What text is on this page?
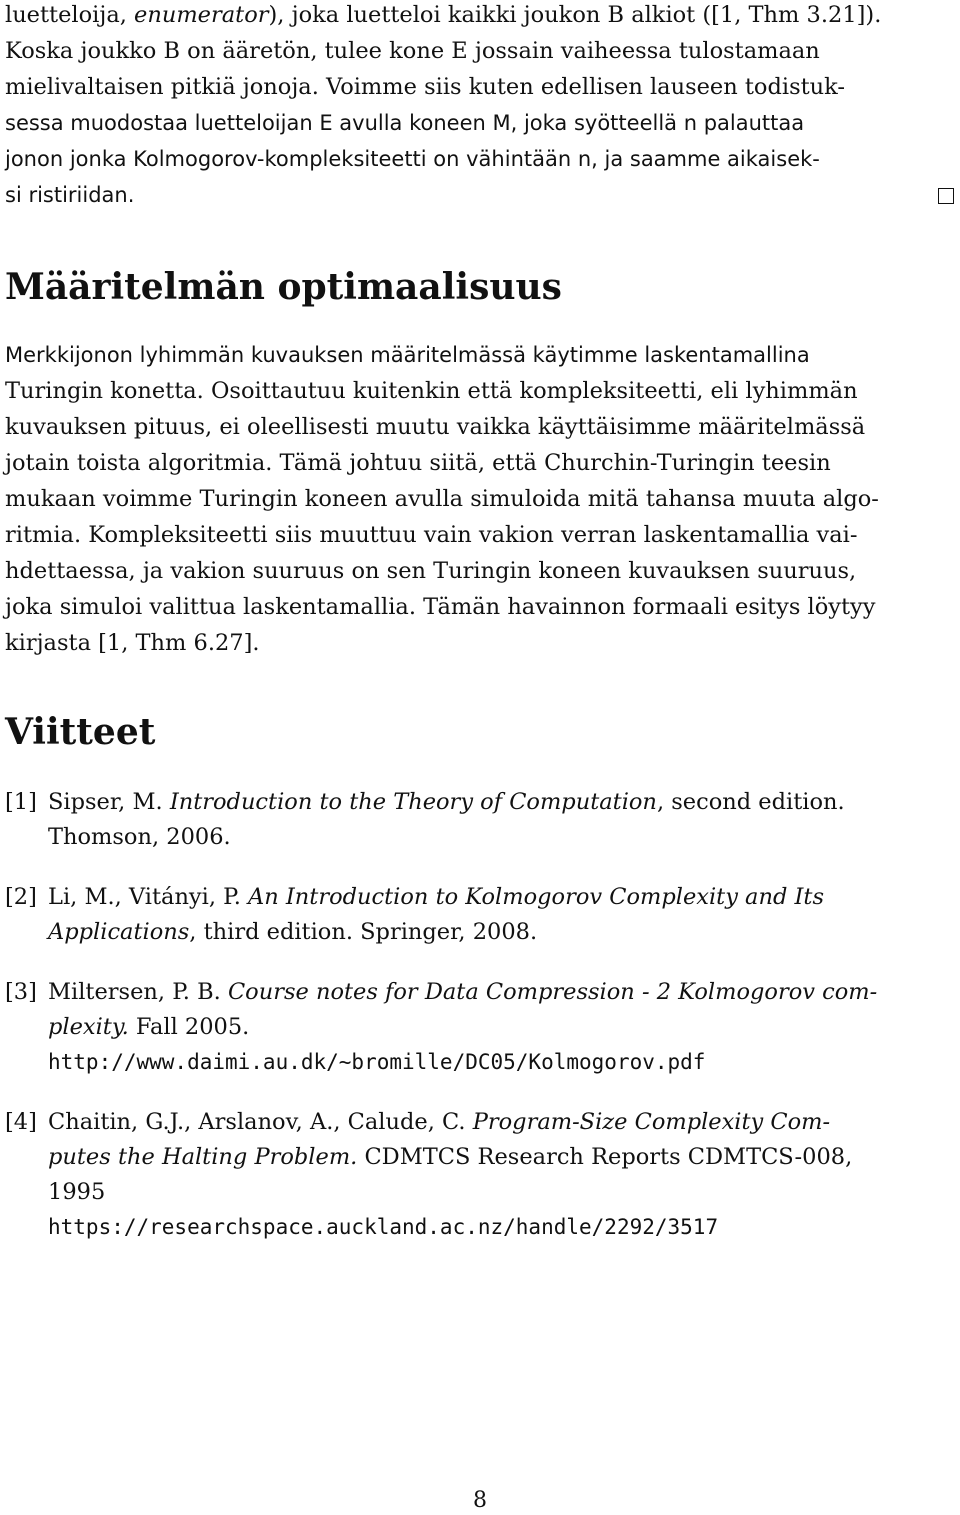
luetteloija, enumerator), joka luetteloi kaikki joukon B alkiot ([1, Thm 3.21]).
Koska joukko B on ääretön, tulee kone E jossain vaiheessa tulostamaan
mielivaltaisen pitkiä jonoja. Voimme siis kuten edellisen lauseen todistuk-
sessa muodostaa luetteloijan E avulla koneen M, joka syötteellä n palauttaa
jonon jonka Kolmogorov-kompleksiteetti on vähintään n, ja saamme aikaisek-
si ristiriidan.
Määritelmän optimaalisuus
Merkkijonon lyhimmän kuvauksen määritelmässä käytimme laskentamallina
Turingin konetta. Osoittautuu kuitenkin että kompleksiteetti, eli lyhimmän
kuvauksen pituus, ei oleellisesti muutu vaikka käyttäisimme määritelmässä
jotain toista algoritmia. Tämä johtuu siitä, että Churchin-Turingin teesin
mukaan voimme Turingin koneen avulla simuloida mitä tahansa muuta algo-
ritmia. Kompleksiteetti siis muuttuu vain vakion verran laskentamallia vai-
hdettaessa, ja vakion suuruus on sen Turingin koneen kuvauksen suuruus,
joka simuloi valittua laskentamallia. Tämän havainnon formaali esitys löytyy
kirjasta [1, Thm 6.27].
Viitteet
[1] Sipser, M. Introduction to the Theory of Computation, second edition.
Thomson, 2006.
[2] Li, M., Vitányi, P. An Introduction to Kolmogorov Complexity and Its
Applications, third edition. Springer, 2008.
[3] Miltersen, P. B. Course notes for Data Compression - 2 Kolmogorov com-
plexity. Fall 2005.
http://www.daimi.au.dk/~bromille/DC05/Kolmogorov.pdf
[4] Chaitin, G.J., Arslanov, A., Calude, C. Program-Size Complexity Com-
putes the Halting Problem. CDMTCS Research Reports CDMTCS-008,
1995
https://researchspace.auckland.ac.nz/handle/2292/3517
8
